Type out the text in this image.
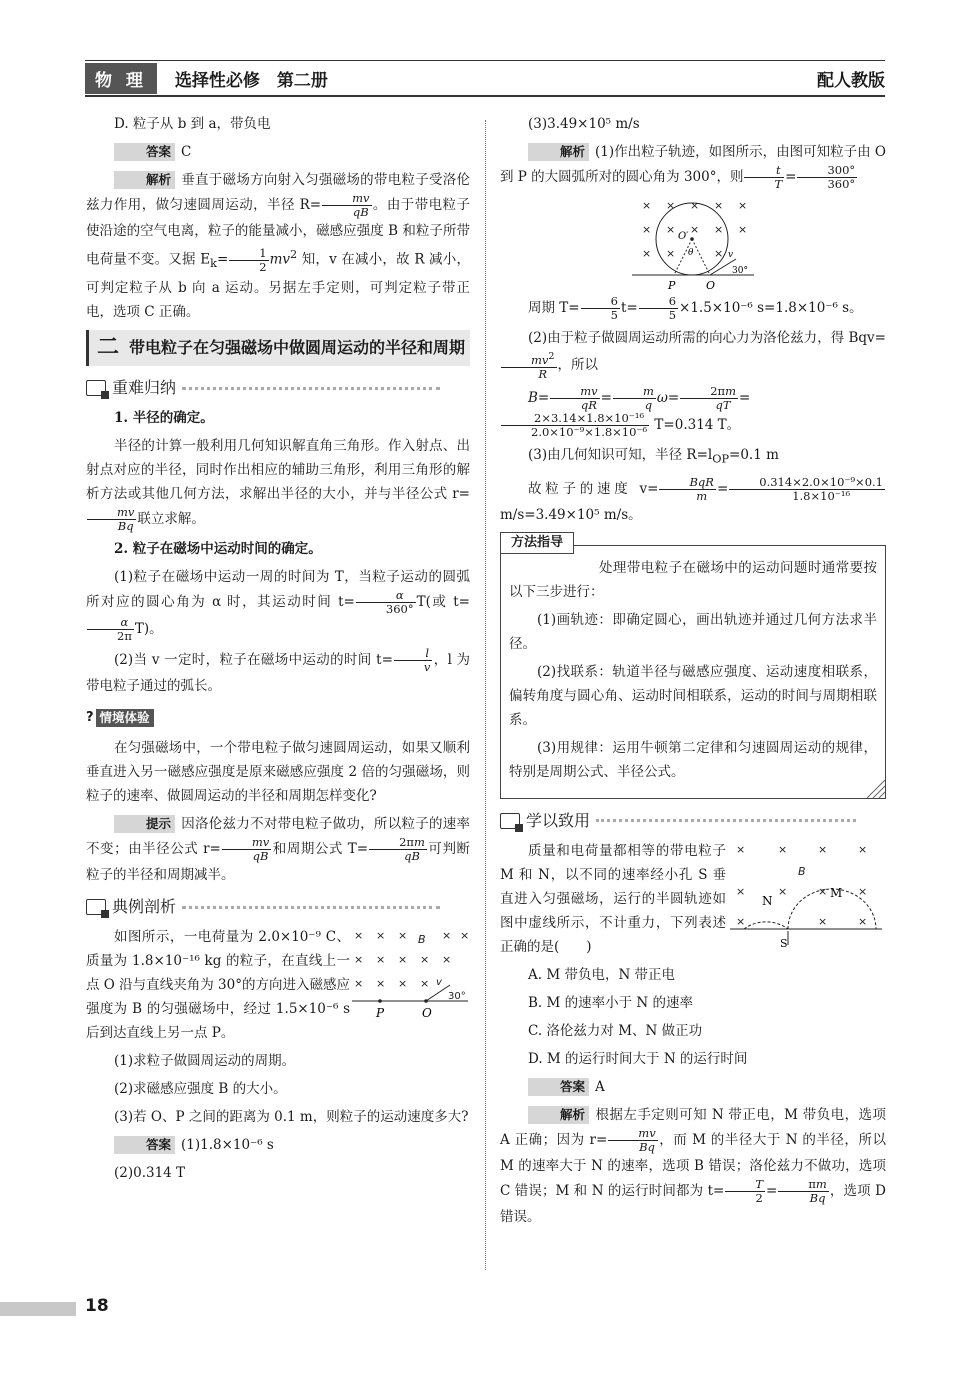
物 理	选择性必修　第二册	配人教版

D. 粒子从 b 到 a，带负电

答案 C

解析 垂直于磁场方向射入匀强磁场的带电粒子受洛伦兹力作用，做匀速圆周运动，半径 $R= \frac{mv}{qB}$ 。由于带电粒子使沿途的空气电离，粒子的能量减小，磁感应强度 B 和粒子所带电荷量不变。又据 $E_k= \frac{1}{2} mv^2$ 知，v 在减小，故 R 减小，可判定粒子从 b 向 a 运动。另据左手定则，可判定粒子带正电，选项 C 正确。

二 带电粒子在匀强磁场中做圆周运动的半径和周期
重难归纳

1. 半径的确定。

半径的计算一般利用几何知识解直角三角形。作入射点、出射点对应的半径，同时作出相应的辅助三角形，利用三角形的解析方法或其他几何方法，求解出半径的大小，并与半径公式 r=
$\frac{mv}{Bq}$ 联立求解。

2. 粒子在磁场中运动时间的确定。

(1)粒子在磁场中运动一周的时间为 T，当粒子运动的圆弧所对应的圆心角为 α 时，其运动时间 $t= \frac{\alpha}{360^\circ} T$(或 t=
$\frac{\alpha}{2\pi} T$)。

(2)当 v 一定时，粒子在磁场中运动的时间 $t= \frac{l}{v}$ ，l 为带电粒子通过的弧长。

? 情境体验

在匀强磁场中，一个带电粒子做匀速圆周运动，如果又顺利垂直进入另一磁感应强度是原来磁感应强度 2 倍的匀强磁场，则粒子的速率、做圆周运动的半径和周期怎样变化?

提示 因洛伦兹力不对带电粒子做功，所以粒子的速率不变；由半径公式 $r= \frac{mv}{qB}$ 和周期公式 $T= \frac{2\pi m}{qB}$ 可判断粒子的半径和周期减半。

典例剖析

如图所示，一电荷量为 2.0×10⁻⁹ C、质量为 1.8×10⁻¹⁶ kg 的粒子，在直线上一点 O 沿与直线夹角为 30°的方向进入磁感应强度为 B 的匀强磁场中，经过 1.5×10⁻⁶ s 后到达直线上另一点 P。

× × ×	× ×
B
× × × × ×
× × × × v
30°
P	O

(1)求粒子做圆周运动的周期。

(2)求磁感应强度 B 的大小。

(3)若 O、P 之间的距离为 0.1 m，则粒子的运动速度多大?

答案 (1)1.8×10⁻⁶ s

(2)0.314 T

(3)3.49×10⁵ m/s

解析 (1)作出粒子轨迹，如图所示，由图可知粒子由 O 到 P 的大圆弧所对的圆心角为 300°，则 $\frac{t}{T} = \frac{300^\circ}{360^\circ}$

× × × × ×
× × × × ×
× ×	×
O′
θ	v
30°
P	O

周期 $T= \frac{6}{5} t= \frac{6}{5} \times 1.5\times 10^{-6}$ s=1.8×10⁻⁶ s。

(2)由于粒子做圆周运动所需的向心力为洛伦兹力，得 Bqv=
$\frac{mv^2}{R}$ ，所以

$B= \frac{mv}{qR} = \frac{m}{q} \omega= \frac{2\pi m}{qT}$ =
$\frac{\text{2×3.14×1.8×10⁻¹⁶}}{\text{2.0×10⁻⁹×1.8×10⁻⁶}} T=0.314$ T。

(3)由几何知识可知，半径 $R=l_{OP}=0.1$ m

故粒子的速度 $v= \frac{\text{BqR}}{m} = \frac{\text{0.314×2.0×10⁻⁹×0.1}}{\text{1.8×10⁻¹⁶}}$
m/s=3.49×10⁵ m/s。

方法指导

处理带电粒子在磁场中的运动问题时通常要按以下三步进行：

(1)画轨迹：即确定圆心，画出轨迹并通过几何方法求半径。

(2)找联系：轨道半径与磁感应强度、运动速度相联系，偏转角度与圆心角、运动时间相联系，运动的时间与周期相联系。

(3)用规律：运用牛顿第二定律和匀速圆周运动的规律，特别是周期公式、半径公式。

学以致用

质量和电荷量都相等的带电粒子 M 和 N，以不同的速率经小孔 S 垂直进入匀强磁场，运行的半圆轨迹如图中虚线所示，不计重力，下列表述正确的是(　　)

×	×	×	×
B
×	×	×	×
×	×	×
N
M
S

A. M 带负电，N 带正电

B. M 的速率小于 N 的速率

C. 洛伦兹力对 M、N 做正功

D. M 的运行时间大于 N 的运行时间

答案 A

解析 根据左手定则可知 N 带正电，M 带负电，选项 A 正确；因为 $r= \frac{mv}{Bq}$ ，而 M 的半径大于 N 的半径，所以 M 的速率大于 N 的速率，选项 B 错误；洛伦兹力不做功，选项 C 错误；M 和 N 的运行时间都为 $t= \frac{T}{2} = \frac{\pi m}{Bq}$ ，选项 D 错误。

18
